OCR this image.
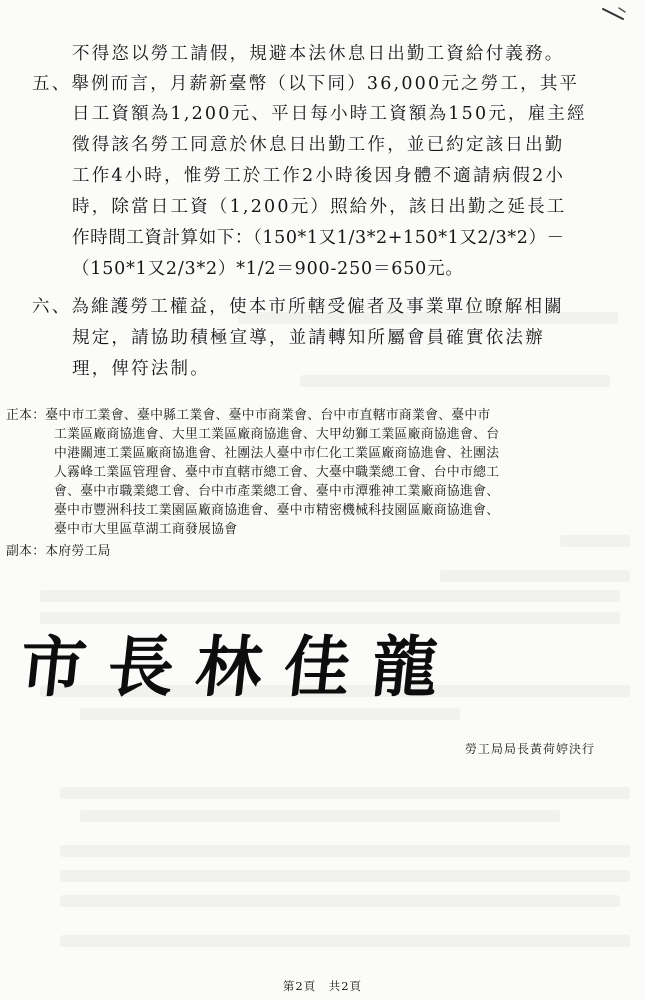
不得恣以勞工請假，規避本法休息日出勤工資給付義務。
五、舉例而言，月薪新臺幣（以下同）36,000元之勞工，其平
日工資額為1,200元、平日每小時工資額為150元，雇主經
徵得該名勞工同意於休息日出勤工作，並已約定該日出勤
工作4小時，惟勞工於工作2小時後因身體不適請病假2小
時，除當日工資（1,200元）照給外，該日出勤之延長工
作時間工資計算如下：（150*1又1/3*2+150*1又2/3*2）－
（150*1又2/3*2）*1/2＝900-250＝650元。
六、為維護勞工權益，使本市所轄受僱者及事業單位暸解相關
規定，請協助積極宣導，並請轉知所屬會員確實依法辦
理，俾符法制。
正本：臺中市工業會、臺中縣工業會、臺中市商業會、台中市直轄市商業會、臺中市
工業區廠商協進會、大里工業區廠商協進會、大甲幼獅工業區廠商協進會、台
中港關連工業區廠商協進會、社團法人臺中市仁化工業區廠商協進會、社團法
人霧峰工業區管理會、臺中市直轄市總工會、大臺中職業總工會、台中市總工
會、臺中市職業總工會、台中市產業總工會、臺中市潭雅神工業廠商協進會、
臺中市豐洲科技工業園區廠商協進會、臺中市精密機械科技園區廠商協進會、
臺中市大里區草湖工商發展協會
副本：本府勞工局
市長林佳龍
勞工局局長黃荷婷決行
第2頁　共2頁
